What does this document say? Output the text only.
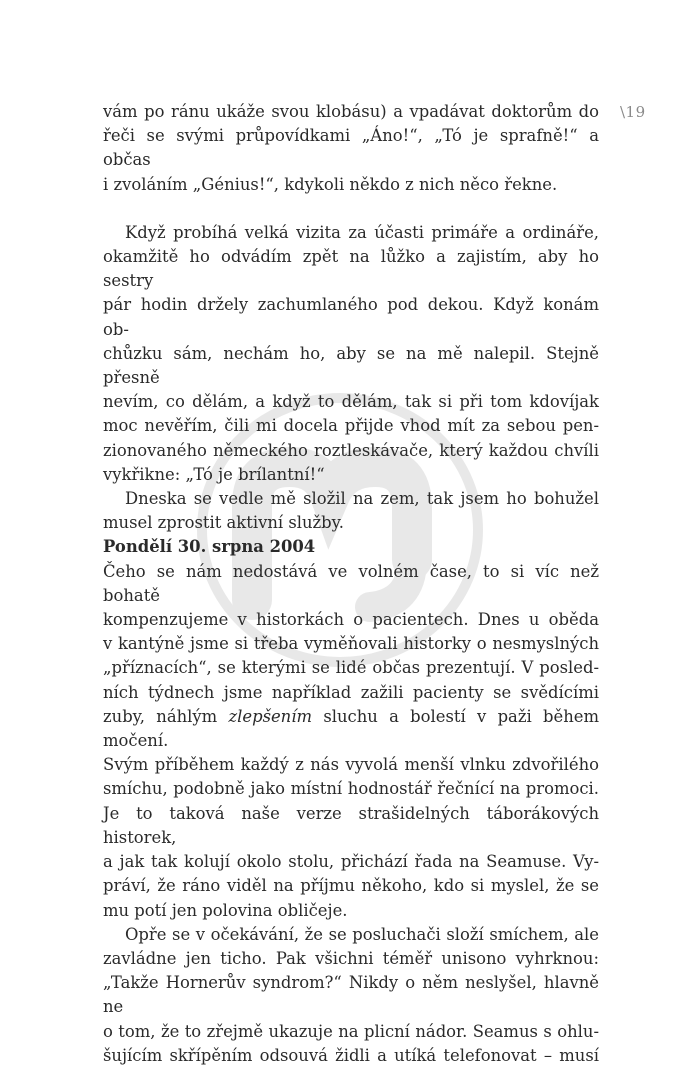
\19
vám po ránu ukáže svou klobásu) a vpadávat doktorům do
řeči se svými průpovídkami „Áno!“, „Tó je sprafně!“ a občas
i zvoláním „Génius!“, kdykoli někdo z nich něco řekne.
Když probíhá velká vizita za účasti primáře a ordináře,
okamžitě ho odvádím zpět na lůžko a zajistím, aby ho sestry
pár hodin držely zachumlaného pod dekou. Když konám ob-
chůzku sám, nechám ho, aby se na mě nalepil. Stejně přesně
nevím, co dělám, a když to dělám, tak si při tom kdovíjak
moc nevěřím, čili mi docela přijde vhod mít za sebou pen-
zionovaného německého roztleskávače, který každou chvíli
vykřikne: „Tó je brílantní!“
Dneska se vedle mě složil na zem, tak jsem ho bohužel
musel zprostit aktivní služby.
Pondělí 30. srpna 2004
Čeho se nám nedostává ve volném čase, to si víc než bohatě
kompenzujeme v historkách o pacientech. Dnes u oběda
v kantýně jsme si třeba vyměňovali historky o nesmyslných
„příznacích“, se kterými se lidé občas prezentují. V posled-
ních týdnech jsme například zažili pacienty se svědícími
zuby, náhlým zlepšením sluchu a bolestí v paži během močení.
Svým příběhem každý z nás vyvolá menší vlnku zdvořilého
smíchu, podobně jako místní hodnostář řečnící na promoci.
Je to taková naše verze strašidelných táborákových historek,
a jak tak kolují okolo stolu, přichází řada na Seamuse. Vy-
práví, že ráno viděl na příjmu někoho, kdo si myslel, že se
mu potí jen polovina obličeje.
Opře se v očekávání, že se posluchači složí smíchem, ale
zavládne jen ticho. Pak všichni téměř unisono vyhrknou:
„Takže Hornerův syndrom?“ Nikdy o něm neslyšel, hlavně ne
o tom, že to zřejmě ukazuje na plicní nádor. Seamus s ohlu-
šujícím skřípěním odsouvá židli a utíká telefonovat – musí
